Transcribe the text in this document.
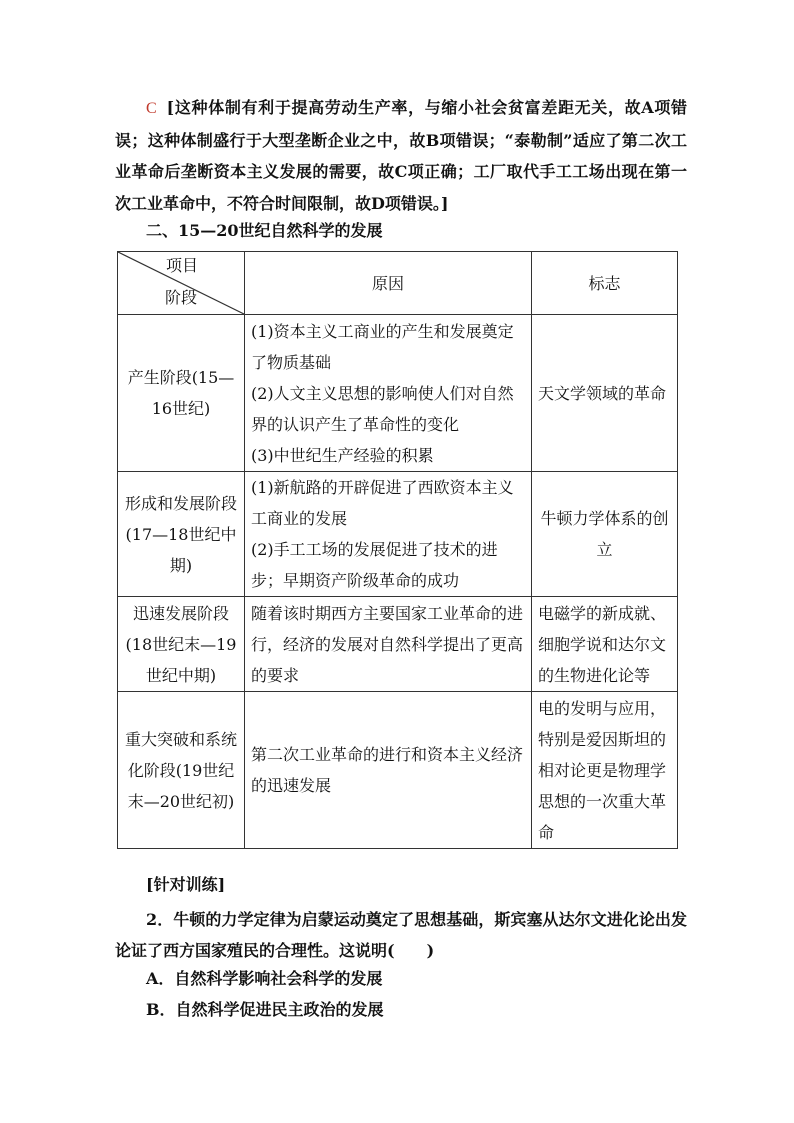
C [这种体制有利于提高劳动生产率，与缩小社会贫富差距无关，故A项错误；这种体制盛行于大型垄断企业之中，故B项错误；“泰勒制”适应了第二次工业革命后垄断资本主义发展的需要，故C项正确；工厂取代手工工场出现在第一次工业革命中，不符合时间限制，故D项错误。]
二、15—20世纪自然科学的发展
项目
阶段	原因	标志
产生阶段(15—16世纪)	(1)资本主义工商业的产生和发展奠定了物质基础
(2)人文主义思想的影响使人们对自然界的认识产生了革命性的变化
(3)中世纪生产经验的积累	天文学领域的革命
形成和发展阶段(17—18世纪中期)	(1)新航路的开辟促进了西欧资本主义工商业的发展
(2)手工工场的发展促进了技术的进步；早期资产阶级革命的成功	牛顿力学体系的创立
迅速发展阶段(18世纪末—19世纪中期)	随着该时期西方主要国家工业革命的进行，经济的发展对自然科学提出了更高的要求	电磁学的新成就、细胞学说和达尔文的生物进化论等
重大突破和系统化阶段(19世纪末—20世纪初)	第二次工业革命的进行和资本主义经济的迅速发展	电的发明与应用，特别是爱因斯坦的相对论更是物理学思想的一次重大革命
[针对训练]
2．牛顿的力学定律为启蒙运动奠定了思想基础，斯宾塞从达尔文进化论出发论证了西方国家殖民的合理性。这说明(　　)
A．自然科学影响社会科学的发展
B．自然科学促进民主政治的发展
